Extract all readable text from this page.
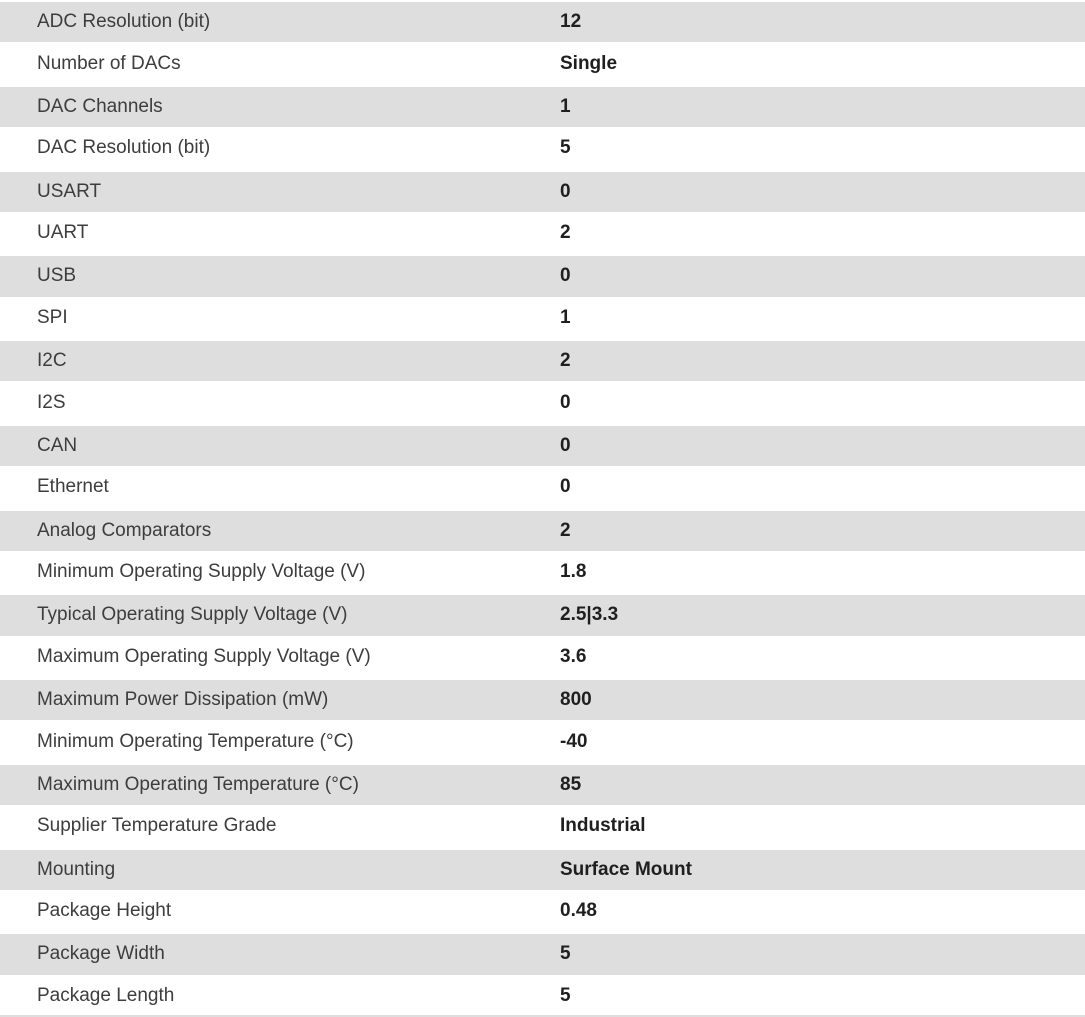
ADC Resolution (bit)	12
Number of DACs	Single
DAC Channels	1
DAC Resolution (bit)	5
USART	0
UART	2
USB	0
SPI	1
I2C	2
I2S	0
CAN	0
Ethernet	0
Analog Comparators	2
Minimum Operating Supply Voltage (V)	1.8
Typical Operating Supply Voltage (V)	2.5|3.3
Maximum Operating Supply Voltage (V)	3.6
Maximum Power Dissipation (mW)	800
Minimum Operating Temperature (°C)	-40
Maximum Operating Temperature (°C)	85
Supplier Temperature Grade	Industrial
Mounting	Surface Mount
Package Height	0.48
Package Width	5
Package Length	5
